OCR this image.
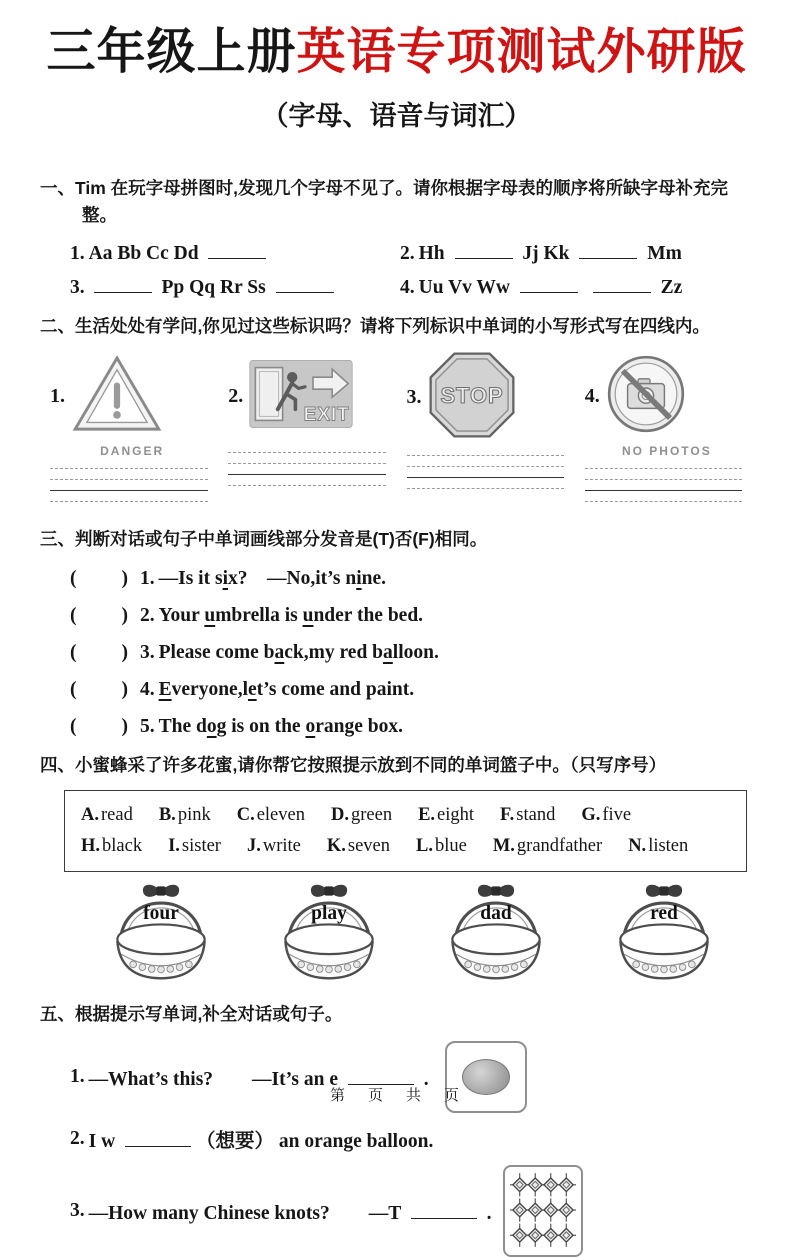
三年级上册英语专项测试外研版
（字母、语音与词汇）
一、Tim 在玩字母拼图时,发现几个字母不见了。请你根据字母表的顺序将所缺字母补充完整。
1. Aa Bb Cc Dd	2. Hh	Jj Kk	Mm
3.	Pp Qq Rr Ss	4. Uu Vv Ww	Zz
二、生活处处有学问,你见过这些标识吗？请将下列标识中单词的小写形式写在四线内。
1.
DANGER
2.
EXIT
3. STOP	4.
NO PHOTOS
三、判断对话或句子中单词画线部分发音是(T)否(F)相同。
(　　) 1. —Is it six?　—No,it’s nine.
(　　) 2. Your umbrella is under the bed.
(　　) 3. Please come back,my red balloon.
(　　) 4. Everyone,let’s come and paint.
(　　) 5. The dog is on the orange box.
四、小蜜蜂采了许多花蜜,请你帮它按照提示放到不同的单词篮子中。（只写序号）
A. read B. pink C. eleven D. green E. eight F. stand G. five
H. black I. sister J. write K. seven L. blue M. grandfather N. listen
four	play	dad	red
五、根据提示写单词,补全对话或句子。
1. —What’s this?　　—It’s an e	.
2. I w	（想要） an orange balloon.
3. —How many Chinese knots?　　—T	.
第　页　共　页
